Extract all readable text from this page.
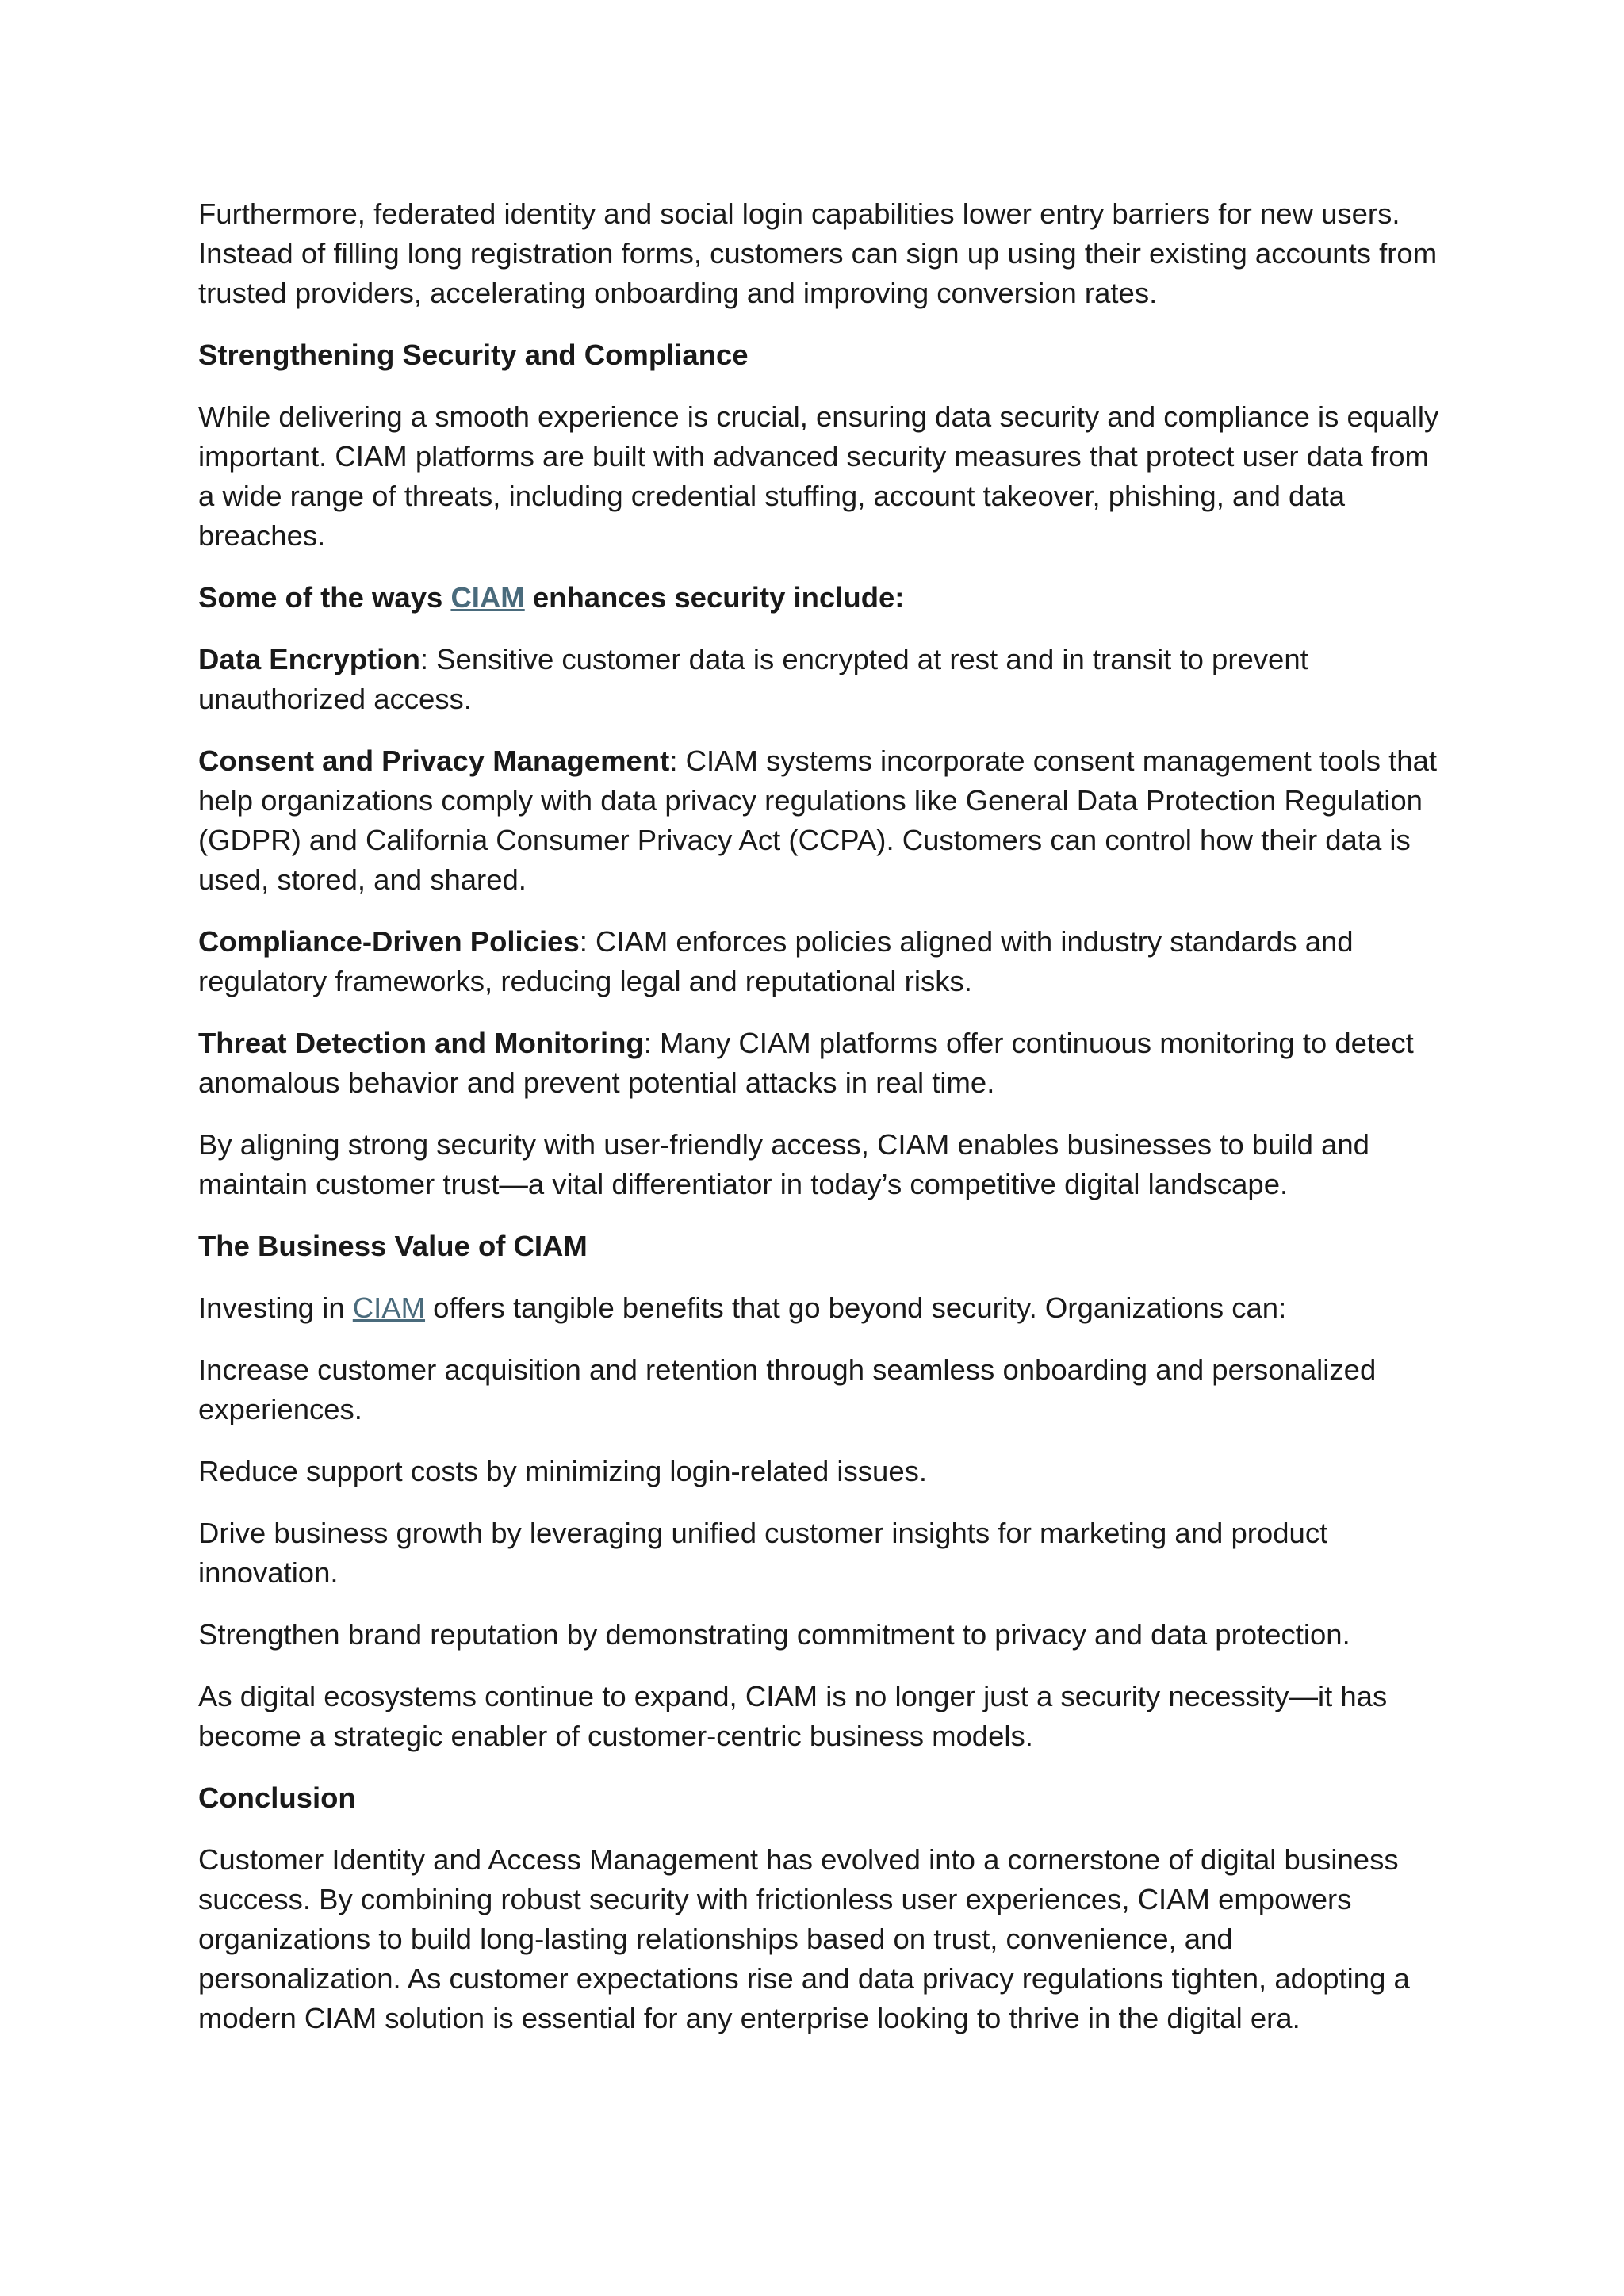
Furthermore, federated identity and social login capabilities lower entry barriers for new users. Instead of filling long registration forms, customers can sign up using their existing accounts from trusted providers, accelerating onboarding and improving conversion rates.

Strengthening Security and Compliance

While delivering a smooth experience is crucial, ensuring data security and compliance is equally important. CIAM platforms are built with advanced security measures that protect user data from a wide range of threats, including credential stuffing, account takeover, phishing, and data breaches.

Some of the ways CIAM enhances security include:

Data Encryption: Sensitive customer data is encrypted at rest and in transit to prevent unauthorized access.

Consent and Privacy Management: CIAM systems incorporate consent management tools that help organizations comply with data privacy regulations like General Data Protection Regulation (GDPR) and California Consumer Privacy Act (CCPA). Customers can control how their data is used, stored, and shared.

Compliance-Driven Policies: CIAM enforces policies aligned with industry standards and regulatory frameworks, reducing legal and reputational risks.

Threat Detection and Monitoring: Many CIAM platforms offer continuous monitoring to detect anomalous behavior and prevent potential attacks in real time.

By aligning strong security with user-friendly access, CIAM enables businesses to build and maintain customer trust—a vital differentiator in today’s competitive digital landscape.

The Business Value of CIAM

Investing in CIAM offers tangible benefits that go beyond security. Organizations can:

Increase customer acquisition and retention through seamless onboarding and personalized experiences.

Reduce support costs by minimizing login-related issues.

Drive business growth by leveraging unified customer insights for marketing and product innovation.

Strengthen brand reputation by demonstrating commitment to privacy and data protection.

As digital ecosystems continue to expand, CIAM is no longer just a security necessity—it has become a strategic enabler of customer-centric business models.

Conclusion

Customer Identity and Access Management has evolved into a cornerstone of digital business success. By combining robust security with frictionless user experiences, CIAM empowers organizations to build long-lasting relationships based on trust, convenience, and personalization. As customer expectations rise and data privacy regulations tighten, adopting a modern CIAM solution is essential for any enterprise looking to thrive in the digital era.
